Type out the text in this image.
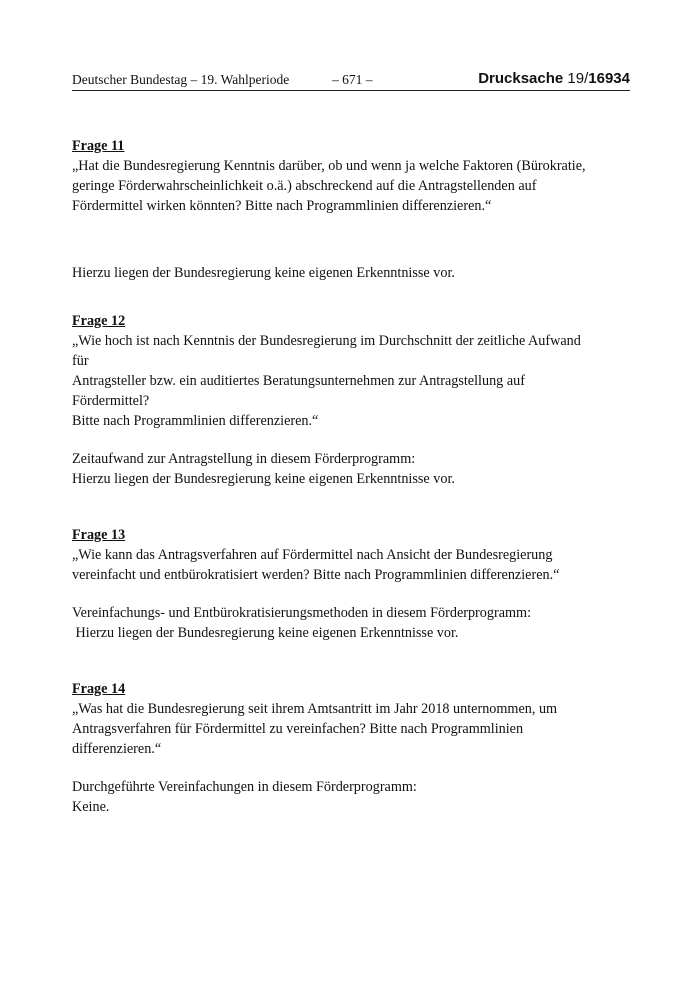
Deutscher Bundestag – 19. Wahlperiode	– 671 –	Drucksache 19/16934

Frage 11

„Hat die Bundesregierung Kenntnis darüber, ob und wenn ja welche Faktoren (Bürokratie,

geringe Förderwahrscheinlichkeit o.ä.) abschreckend auf die Antragstellenden auf

Fördermittel wirken könnten? Bitte nach Programmlinien differenzieren.“

Hierzu liegen der Bundesregierung keine eigenen Erkenntnisse vor.

Frage 12

„Wie hoch ist nach Kenntnis der Bundesregierung im Durchschnitt der zeitliche Aufwand für

Antragsteller bzw. ein auditiertes Beratungsunternehmen zur Antragstellung auf Fördermittel?

Bitte nach Programmlinien differenzieren.“

Zeitaufwand zur Antragstellung in diesem Förderprogramm:

Hierzu liegen der Bundesregierung keine eigenen Erkenntnisse vor.

Frage 13

„Wie kann das Antragsverfahren auf Fördermittel nach Ansicht der Bundesregierung

vereinfacht und entbürokratisiert werden? Bitte nach Programmlinien differenzieren.“

Vereinfachungs- und Entbürokratisierungsmethoden in diesem Förderprogramm:

Hierzu liegen der Bundesregierung keine eigenen Erkenntnisse vor.

Frage 14

„Was hat die Bundesregierung seit ihrem Amtsantritt im Jahr 2018 unternommen, um

Antragsverfahren für Fördermittel zu vereinfachen? Bitte nach Programmlinien

differenzieren.“

Durchgeführte Vereinfachungen in diesem Förderprogramm:

Keine.
